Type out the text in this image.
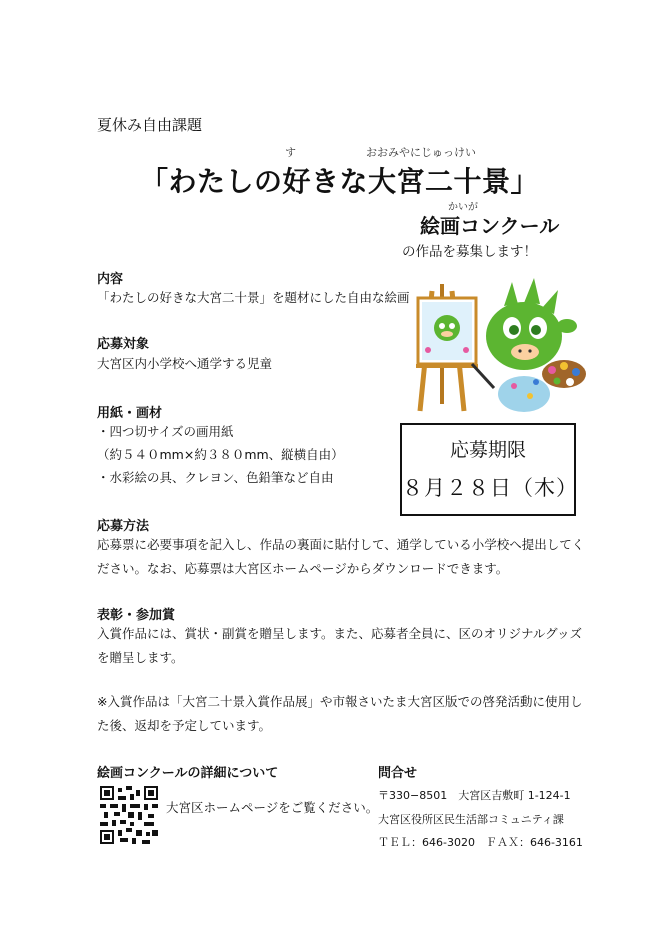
夏休み自由課題
す	おおみやにじゅっけい
「わたしの好きな大宮二十景」
かいが
絵画コンクール
の作品を募集します！
内容
「わたしの好きな大宮二十景」を題材にした自由な絵画
応募対象
大宮区内小学校へ通学する児童
用紙・画材
・四つ切サイズの画用紙
（約５４０mm×約３８０mm、縦横自由）
・水彩絵の具、クレヨン、色鉛筆など自由
応募方法
応募票に必要事項を記入し、作品の裏面に貼付して、通学している小学校へ提出してください。なお、応募票は大宮区ホームページからダウンロードできます。
表彰・参加賞
入賞作品には、賞状・副賞を贈呈します。また、応募者全員に、区のオリジナルグッズを贈呈します。
※入賞作品は「大宮二十景入賞作品展」や市報さいたま大宮区版での啓発活動に使用した後、返却を予定しています。
応募期限
８月２８日（木）
絵画コンクールの詳細について
大宮区ホームページをご覧ください。
問合せ
〒330−8501　大宮区吉敷町 1-124-1
大宮区役所区民生活部コミュニティ課
ＴＥＬ：646-3020　ＦＡＸ：646-3161
